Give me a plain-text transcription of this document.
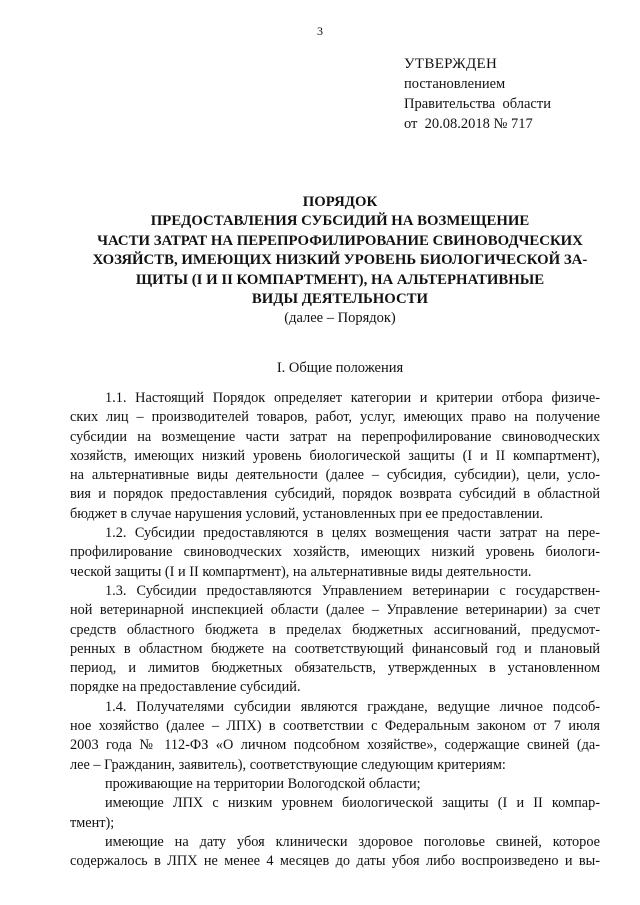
3
УТВЕРЖДЕН
постановлением
Правительства  области
от  20.08.2018 № 717
ПОРЯДОК
ПРЕДОСТАВЛЕНИЯ СУБСИДИЙ НА ВОЗМЕЩЕНИЕ
ЧАСТИ ЗАТРАТ НА ПЕРЕПРОФИЛИРОВАНИЕ СВИНОВОДЧЕСКИХ
ХОЗЯЙСТВ, ИМЕЮЩИХ НИЗКИЙ УРОВЕНЬ БИОЛОГИЧЕСКОЙ ЗА-
ЩИТЫ (I И II КОМПАРТМЕНТ), НА АЛЬТЕРНАТИВНЫЕ
ВИДЫ ДЕЯТЕЛЬНОСТИ
(далее – Порядок)
I. Общие положения
1.1. Настоящий Порядок определяет категории и критерии отбора физиче-
ских лиц – производителей товаров, работ, услуг, имеющих право на получение
субсидии на возмещение части затрат на перепрофилирование свиноводческих
хозяйств, имеющих низкий уровень биологической защиты (I и II компартмент),
на альтернативные виды деятельности (далее – субсидия, субсидии), цели, усло-
вия и порядок предоставления субсидий, порядок возврата субсидий в областной
бюджет в случае нарушения условий, установленных при ее предоставлении.
1.2. Субсидии предоставляются в целях возмещения части затрат на пере-
профилирование свиноводческих хозяйств, имеющих низкий уровень биологи-
ческой защиты (I и II компартмент), на альтернативные виды деятельности.
1.3. Субсидии предоставляются Управлением ветеринарии с государствен-
ной ветеринарной инспекцией области (далее – Управление ветеринарии) за счет
средств областного бюджета в пределах бюджетных ассигнований, предусмот-
ренных в областном бюджете на соответствующий финансовый год и плановый
период, и лимитов бюджетных обязательств, утвержденных в установленном
порядке на предоставление субсидий.
1.4. Получателями субсидии являются граждане, ведущие личное подсоб-
ное хозяйство (далее – ЛПХ) в соответствии с Федеральным законом от 7 июля
2003 года № 112-ФЗ «О личном подсобном хозяйстве», содержащие свиней (да-
лее – Гражданин, заявитель), соответствующие следующим критериям:
проживающие на территории Вологодской области;
имеющие ЛПХ с низким уровнем биологической защиты (I и II компар-
тмент);
имеющие на дату убоя клинически здоровое поголовье свиней, которое
содержалось в ЛПХ не менее 4 месяцев до даты убоя либо воспроизведено и вы-
